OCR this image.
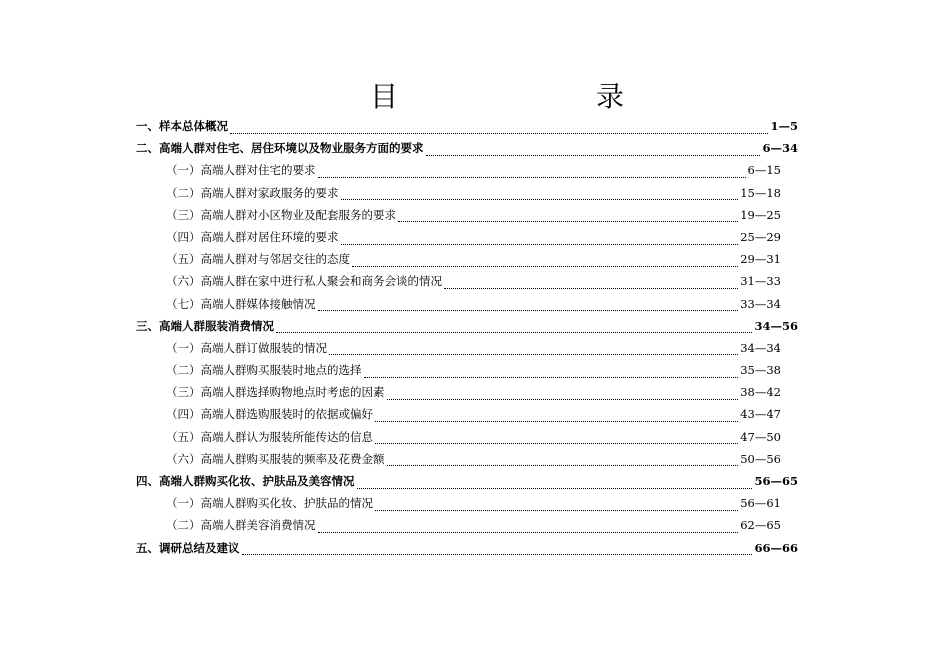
目	录
一、样本总体概况	1—5
二、高端人群对住宅、居住环境以及物业服务方面的要求	6—34
（一）高端人群对住宅的要求	6—15
（二）高端人群对家政服务的要求	15—18
（三）高端人群对小区物业及配套服务的要求	19—25
（四）高端人群对居住环境的要求	25—29
（五）高端人群对与邻居交往的态度	29—31
（六）高端人群在家中进行私人聚会和商务会谈的情况	31—33
（七）高端人群媒体接触情况	33—34
三、高端人群服装消费情况	34—56
（一）高端人群订做服装的情况	34—34
（二）高端人群购买服装时地点的选择	35—38
（三）高端人群选择购物地点时考虑的因素	38—42
（四）高端人群选购服装时的依据或偏好	43—47
（五）高端人群认为服装所能传达的信息	47—50
（六）高端人群购买服装的频率及花费金额	50—56
四、高端人群购买化妆、护肤品及美容情况	56—65
（一）高端人群购买化妆、护肤品的情况	56—61
（二）高端人群美容消费情况	62—65
五、调研总结及建议	66—66
